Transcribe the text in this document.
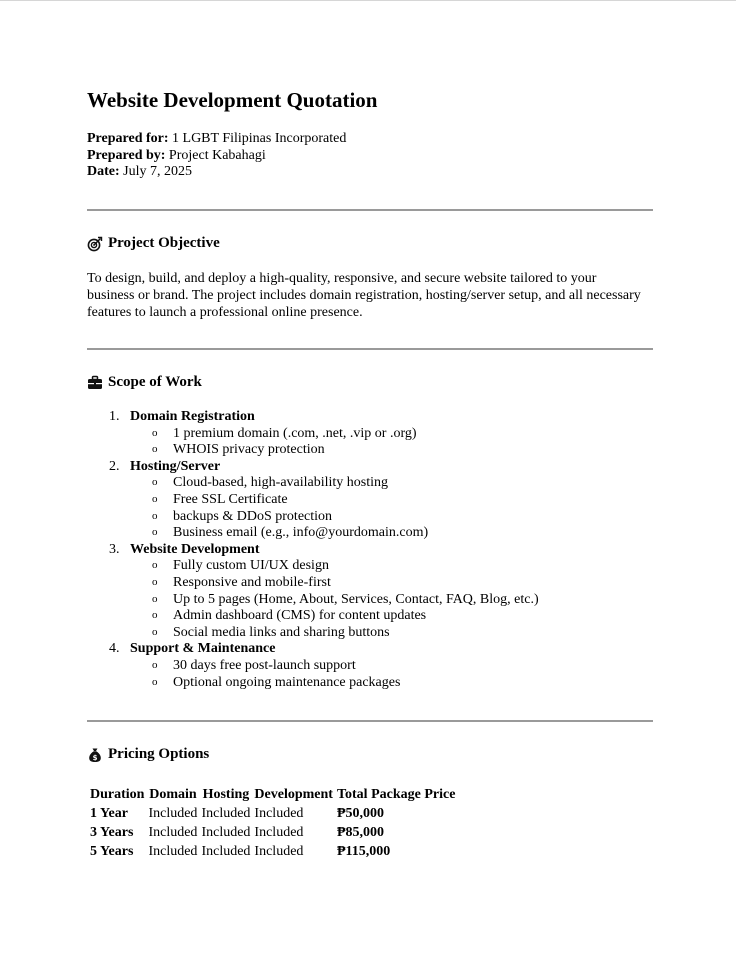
Website Development Quotation
Prepared for: 1 LGBT Filipinas Incorporated
Prepared by: Project Kabahagi
Date: July 7, 2025
Project Objective

To design, build, and deploy a high-quality, responsive, and secure website tailored to your business or brand. The project includes domain registration, hosting/server setup, and all necessary features to launch a professional online presence.

Scope of Work
1. Domain Registration
o 1 premium domain (.com, .net, .vip or .org)
o WHOIS privacy protection
2. Hosting/Server
o Cloud-based, high-availability hosting
o Free SSL Certificate
o backups & DDoS protection
o Business email (e.g., info@yourdomain.com)
3. Website Development
o Fully custom UI/UX design
o Responsive and mobile-first
o Up to 5 pages (Home, About, Services, Contact, FAQ, Blog, etc.)
o Admin dashboard (CMS) for content updates
o Social media links and sharing buttons
4. Support & Maintenance
o 30 days free post-launch support
o Optional ongoing maintenance packages
$ Pricing Options
Duration	Domain	Hosting	Development	Total Package Price
1 Year	Included	Included	Included	₱50,000
3 Years	Included	Included	Included	₱85,000
5 Years	Included	Included	Included	₱115,000
